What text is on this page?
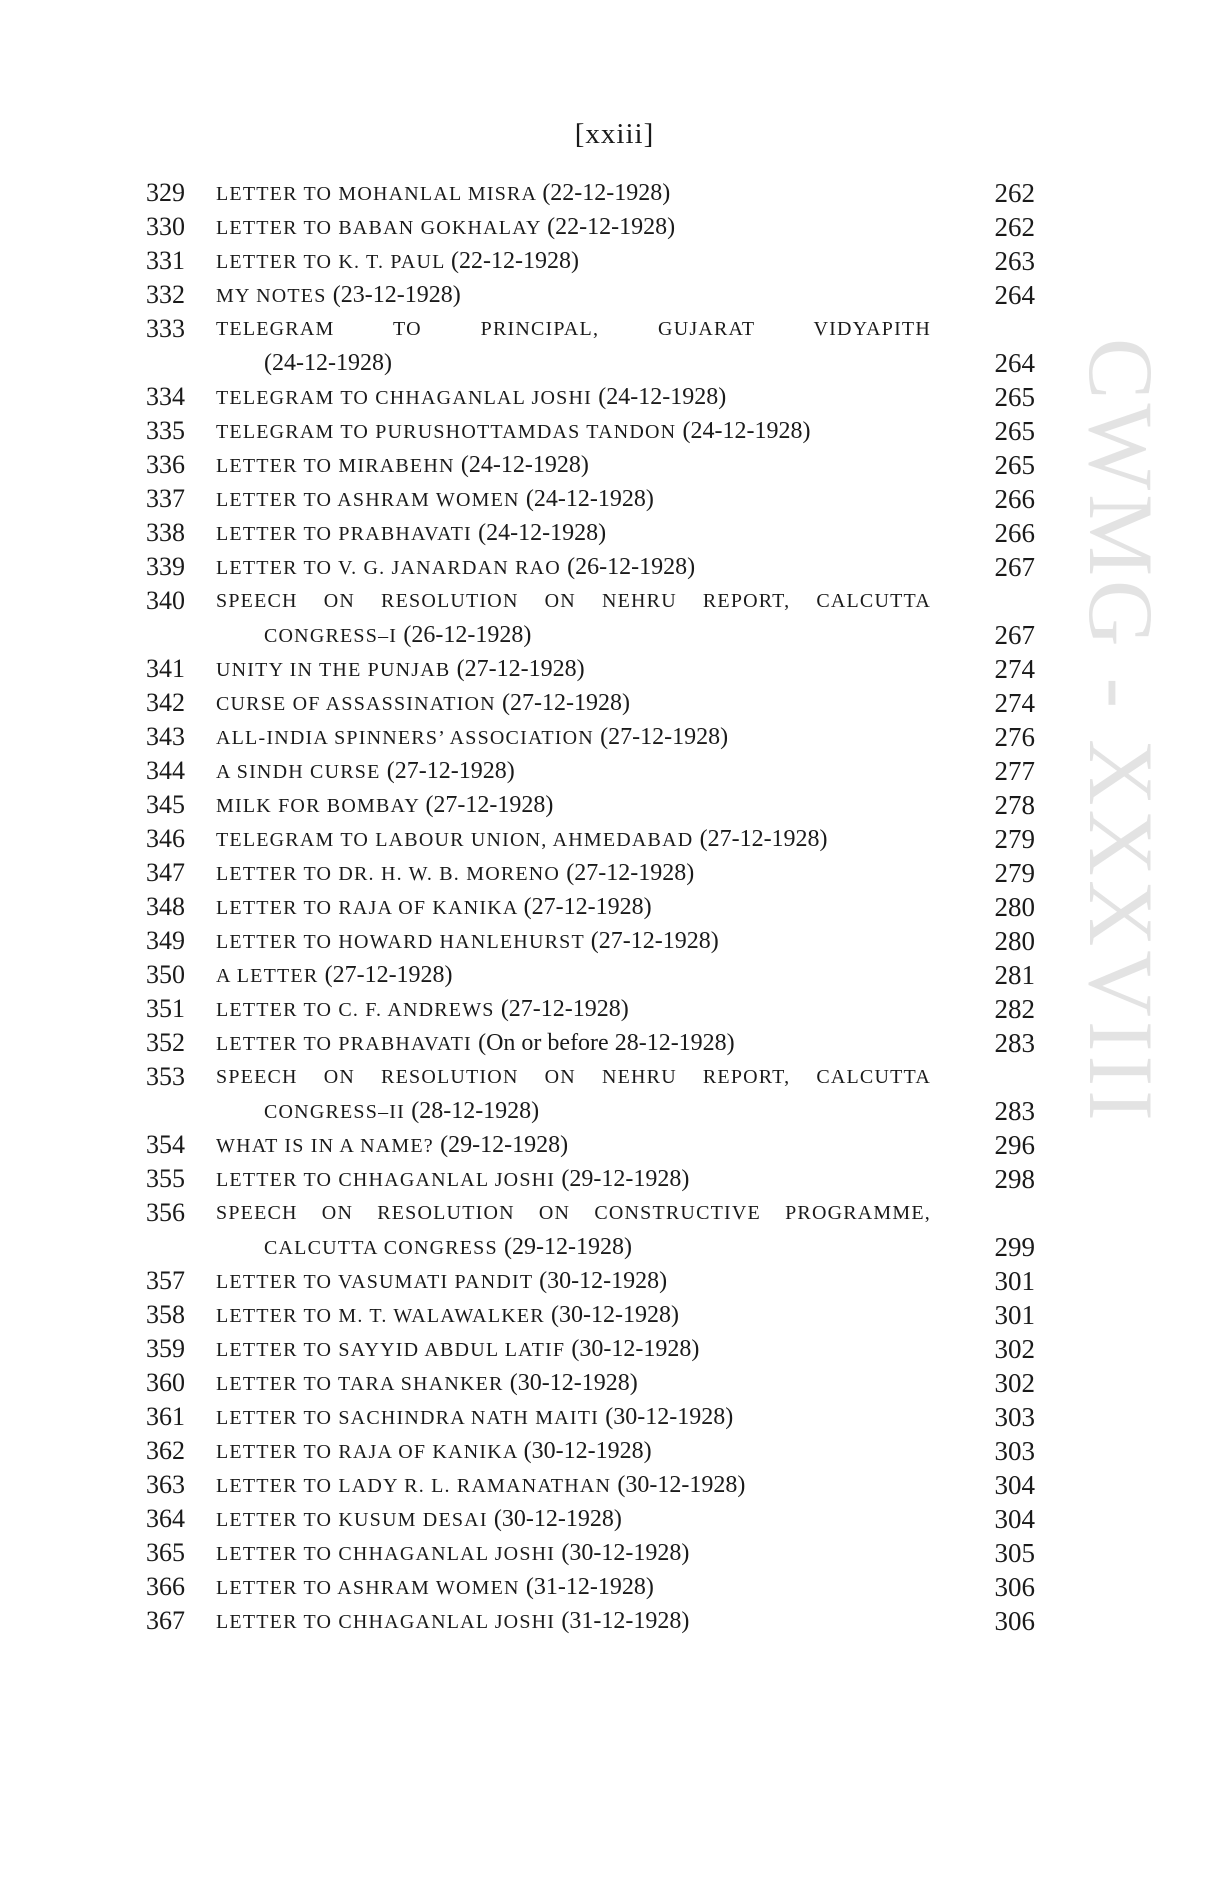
[xxiii]
CWMG - XXXVIII
329	LETTER TO MOHANLAL MISRA (22-12-1928)	262
330	LETTER TO BABAN GOKHALAY (22-12-1928)	262
331	LETTER TO K. T. PAUL (22-12-1928)	263
332	MY NOTES (23-12-1928)	264
333	TELEGRAM TO PRINCIPAL, GUJARAT VIDYAPITH
(24-12-1928)	264
334	TELEGRAM TO CHHAGANLAL JOSHI (24-12-1928)	265
335	TELEGRAM TO PURUSHOTTAMDAS TANDON (24-12-1928)	265
336	LETTER TO MIRABEHN (24-12-1928)	265
337	LETTER TO ASHRAM WOMEN (24-12-1928)	266
338	LETTER TO PRABHAVATI (24-12-1928)	266
339	LETTER TO V. G. JANARDAN RAO (26-12-1928)	267
340	SPEECH ON RESOLUTION ON NEHRU REPORT, CALCUTTA
CONGRESS–I (26-12-1928)	267
341	UNITY IN THE PUNJAB (27-12-1928)	274
342	CURSE OF ASSASSINATION (27-12-1928)	274
343	ALL-INDIA SPINNERS’ ASSOCIATION (27-12-1928)	276
344	A SINDH CURSE (27-12-1928)	277
345	MILK FOR BOMBAY (27-12-1928)	278
346	TELEGRAM TO LABOUR UNION, AHMEDABAD (27-12-1928)	279
347	LETTER TO DR. H. W. B. MORENO (27-12-1928)	279
348	LETTER TO RAJA OF KANIKA (27-12-1928)	280
349	LETTER TO HOWARD HANLEHURST (27-12-1928)	280
350	A LETTER (27-12-1928)	281
351	LETTER TO C. F. ANDREWS (27-12-1928)	282
352	LETTER TO PRABHAVATI (On or before 28-12-1928)	283
353	SPEECH ON RESOLUTION ON NEHRU REPORT, CALCUTTA
CONGRESS–II (28-12-1928)	283
354	WHAT IS IN A NAME? (29-12-1928)	296
355	LETTER TO CHHAGANLAL JOSHI (29-12-1928)	298
356	SPEECH ON RESOLUTION ON CONSTRUCTIVE PROGRAMME,
CALCUTTA CONGRESS (29-12-1928)	299
357	LETTER TO VASUMATI PANDIT (30-12-1928)	301
358	LETTER TO M. T. WALAWALKER (30-12-1928)	301
359	LETTER TO SAYYID ABDUL LATIF (30-12-1928)	302
360	LETTER TO TARA SHANKER (30-12-1928)	302
361	LETTER TO SACHINDRA NATH MAITI (30-12-1928)	303
362	LETTER TO RAJA OF KANIKA (30-12-1928)	303
363	LETTER TO LADY R. L. RAMANATHAN (30-12-1928)	304
364	LETTER TO KUSUM DESAI (30-12-1928)	304
365	LETTER TO CHHAGANLAL JOSHI (30-12-1928)	305
366	LETTER TO ASHRAM WOMEN (31-12-1928)	306
367	LETTER TO CHHAGANLAL JOSHI (31-12-1928)	306
